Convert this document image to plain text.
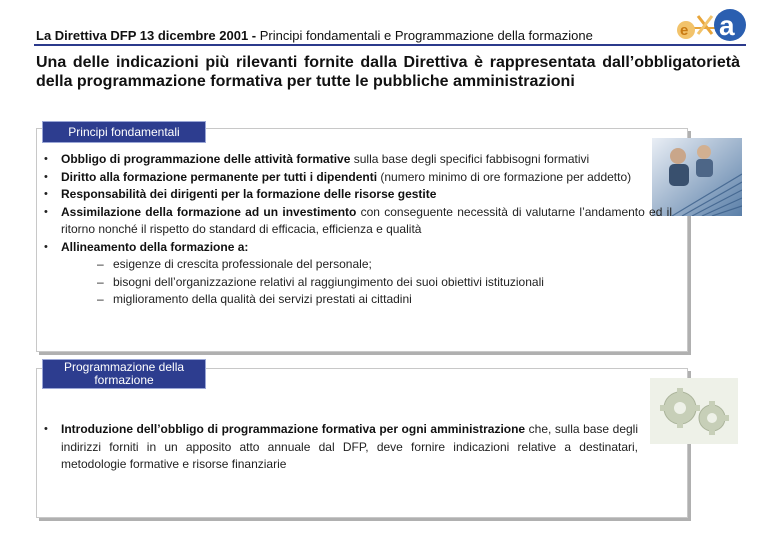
La Direttiva DFP 13 dicembre 2001 - Principi fondamentali e Programmazione della formazione	e a
Una delle indicazioni più rilevanti fornite dalla Direttiva è rappresentata dall’obbligatorietà della programmazione formativa per tutte le pubbliche amministrazioni
Principi fondamentali
• Obbligo di programmazione delle attività formative sulla base degli specifici fabbisogni formativi
• Diritto alla formazione permanente per tutti i dipendenti (numero minimo di ore formazione per addetto)
• Responsabilità dei dirigenti per la formazione delle risorse gestite
• Assimilazione della formazione ad un investimento con conseguente necessità di valutarne l’andamento ed il ritorno nonché il rispetto do standard di efficacia, efficienza e qualità
• Allineamento della formazione a:
– esigenze di crescita professionale del personale;
– bisogni dell’organizzazione relativi al raggiungimento dei suoi obiettivi istituzionali
– miglioramento della qualità dei servizi prestati ai cittadini
Programmazione della
formazione
• Introduzione dell’obbligo di programmazione formativa per ogni amministrazione che, sulla base degli indirizzi forniti in un apposito atto annuale dal DFP, deve fornire indicazioni relative a destinatari, metodologie formative e risorse finanziarie
